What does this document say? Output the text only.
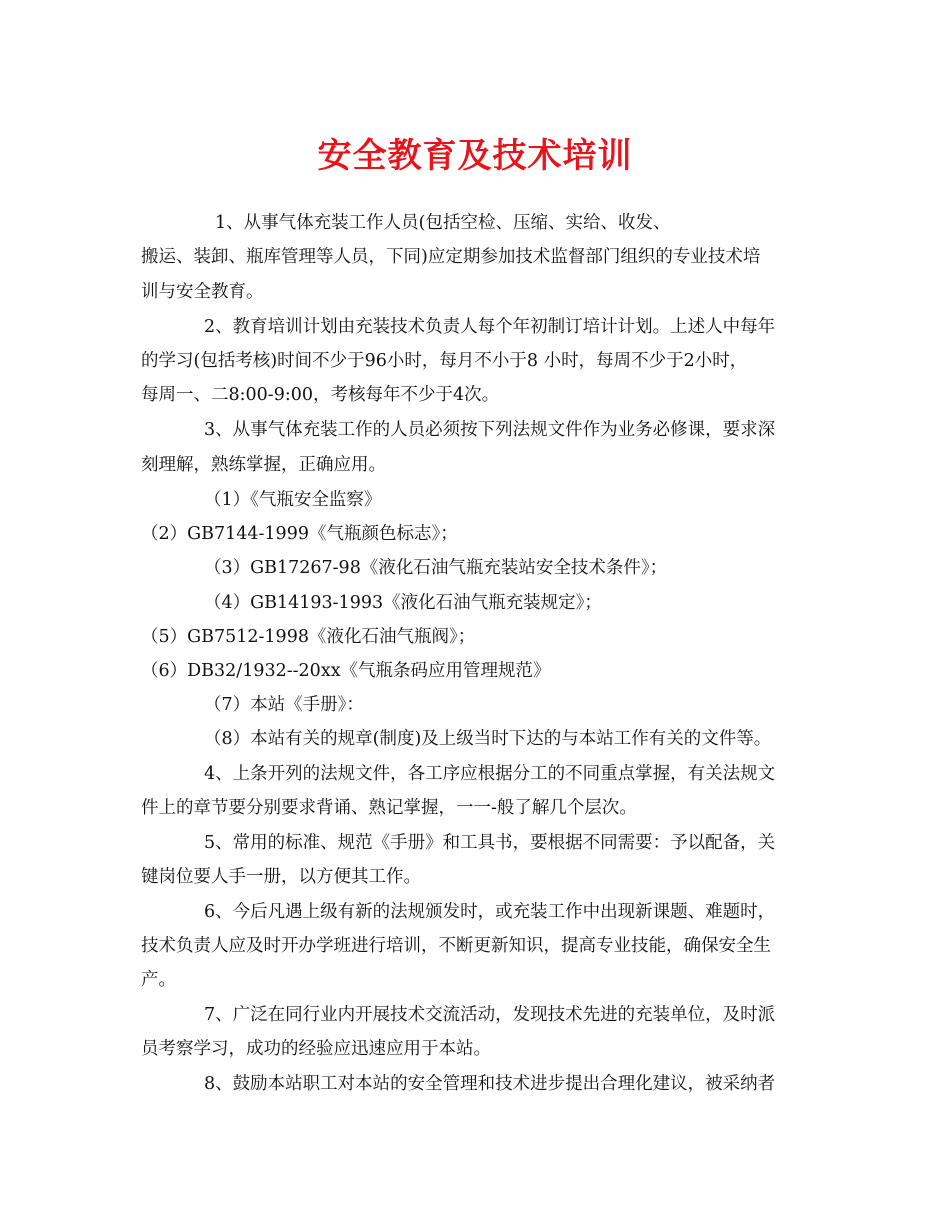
安全教育及技术培训
1、从事气体充装工作人员(包括空检、压缩、实给、收发、
搬运、装卸、瓶库管理等人员，下同)应定期参加技术监督部门组织的专业技术培
训与安全教育。
2、教育培训计划由充装技术负责人每个年初制订培计计划。上述人中每年
的学习(包括考核)时间不少于96小时，每月不小于8 小时，每周不少于2小时，
每周一、二8:00-9:00，考核每年不少于4次。
3、从事气体充装工作的人员必须按下列法规文件作为业务必修课，要求深
刻理解，熟练掌握，正确应用。
（1）《气瓶安全监察》
（2）GB7144-1999《气瓶颜色标志》；
（3）GB17267-98《液化石油气瓶充装站安全技术条件》；
（4）GB14193-1993《液化石油气瓶充装规定》；
（5）GB7512-1998《液化石油气瓶阀》；
（6）DB32/1932--20xx《气瓶条码应用管理规范》
（7）本站《手册》：
（8）本站有关的规章(制度)及上级当时下达的与本站工作有关的文件等。
4、上条开列的法规文件，各工序应根据分工的不同重点掌握，有关法规文
件上的章节要分别要求背诵、熟记掌握，一一-般了解几个层次。
5、常用的标准、规范《手册》和工具书，要根据不同需要：予以配备，关
键岗位要人手一册，以方便其工作。
6、今后凡遇上级有新的法规颁发时，或充装工作中出现新课题、难题时，
技术负责人应及时开办学班进行培训，不断更新知识，提高专业技能，确保安全生
产。
7、广泛在同行业内开展技术交流活动，发现技术先进的充装单位，及时派
员考察学习，成功的经验应迅速应用于本站。
8、鼓励本站职工对本站的安全管理和技术进步提出合理化建议，被采纳者
